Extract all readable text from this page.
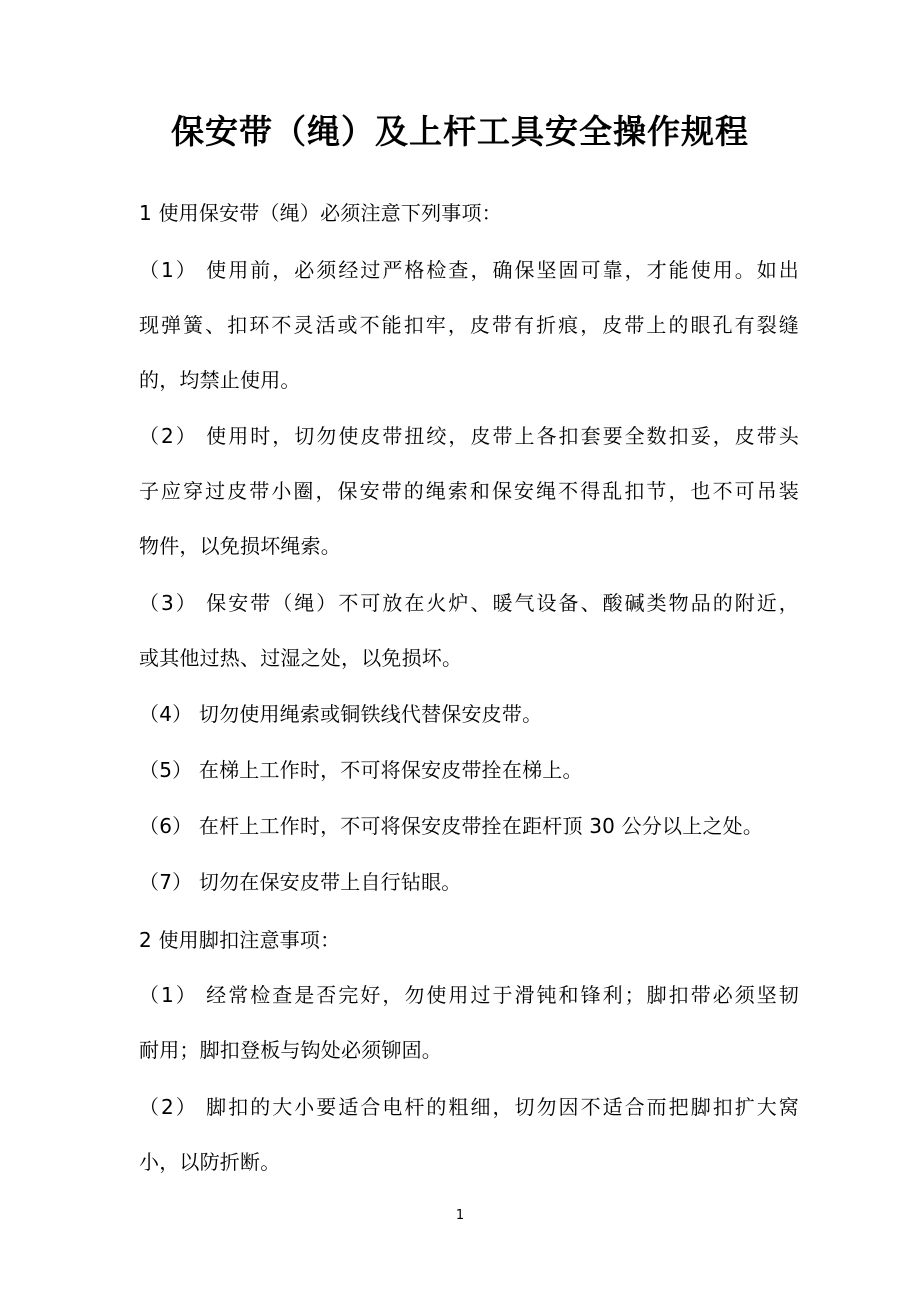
保安带（绳）及上杆工具安全操作规程
1 使用保安带（绳）必须注意下列事项：
（1） 使用前，必须经过严格检查，确保坚固可靠，才能使用。如出
现弹簧、扣环不灵活或不能扣牢，皮带有折痕，皮带上的眼孔有裂缝
的，均禁止使用。
（2） 使用时，切勿使皮带扭绞，皮带上各扣套要全数扣妥，皮带头
子应穿过皮带小圈，保安带的绳索和保安绳不得乱扣节，也不可吊装
物件，以免损坏绳索。
（3） 保安带（绳）不可放在火炉、暖气设备、酸碱类物品的附近，
或其他过热、过湿之处，以免损坏。
（4） 切勿使用绳索或铜铁线代替保安皮带。
（5） 在梯上工作时，不可将保安皮带拴在梯上。
（6） 在杆上工作时，不可将保安皮带拴在距杆顶 30 公分以上之处。
（7） 切勿在保安皮带上自行钻眼。
2 使用脚扣注意事项：
（1） 经常检查是否完好，勿使用过于滑钝和锋利；脚扣带必须坚韧
耐用；脚扣登板与钩处必须铆固。
（2） 脚扣的大小要适合电杆的粗细，切勿因不适合而把脚扣扩大窝
小，以防折断。
1
